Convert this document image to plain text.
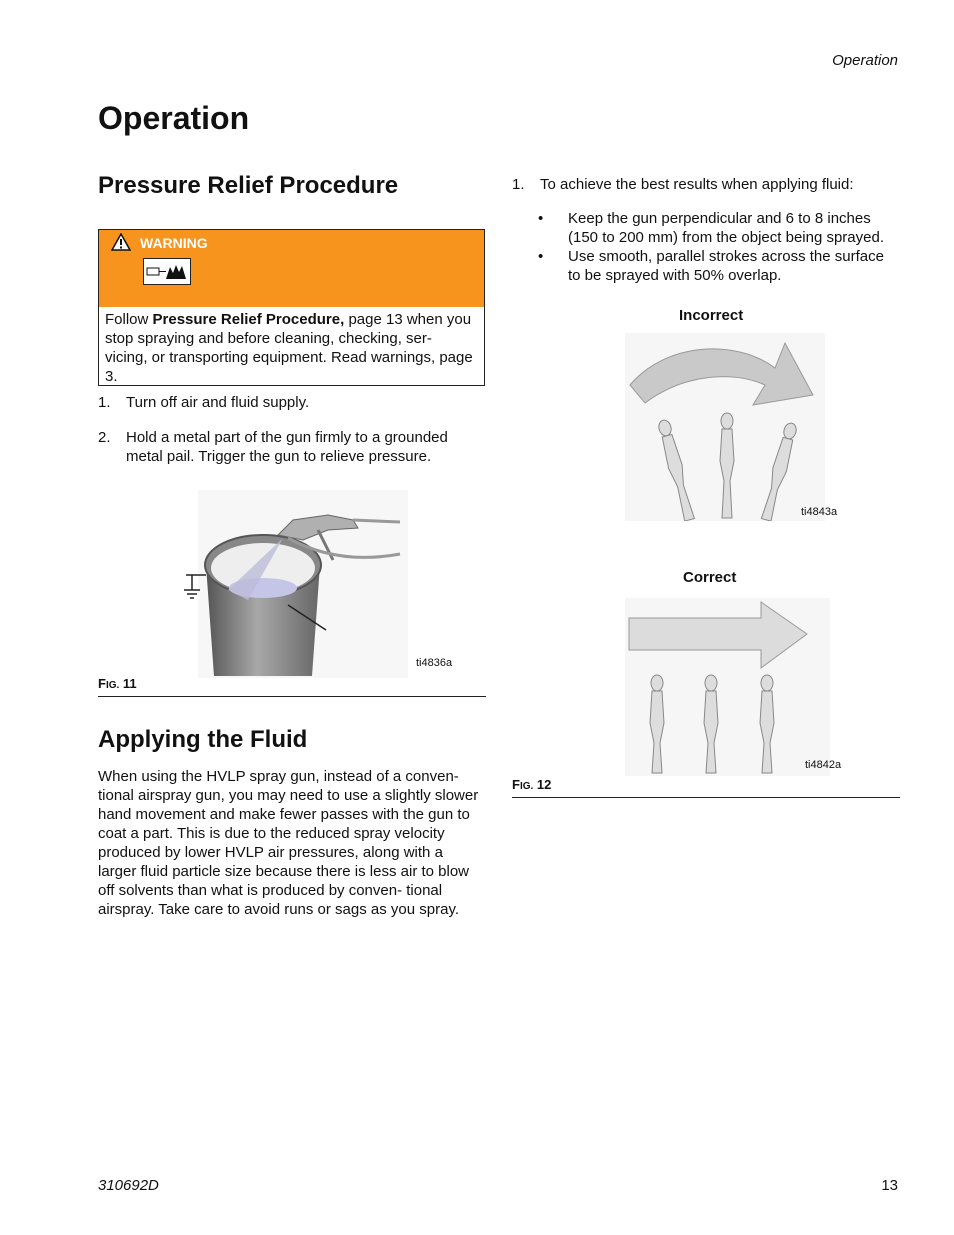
Operation
Operation
Pressure Relief Procedure
WARNING
Follow Pressure Relief Procedure, page 13 when you stop spraying and before cleaning, checking, ser- vicing, or transporting equipment. Read warnings, page 3.
1. Turn off air and fluid supply.
2. Hold a metal part of the gun firmly to a grounded metal pail. Trigger the gun to relieve pressure.
ti4836a
FIG. 11
Applying the Fluid
When using the HVLP spray gun, instead of a conven- tional airspray gun, you may need to use a slightly slower hand movement and make fewer passes with the gun to coat a part. This is due to the reduced spray velocity produced by lower HVLP air pressures, along with a larger fluid particle size because there is less air to blow off solvents than what is produced by conven- tional airspray. Take care to avoid runs or sags as you spray.
1. To achieve the best results when applying fluid:
• Keep the gun perpendicular and 6 to 8 inches (150 to 200 mm) from the object being sprayed.
• Use smooth, parallel strokes across the surface to be sprayed with 50% overlap.
Incorrect
ti4843a
Correct
ti4842a
FIG. 12
310692D	13
